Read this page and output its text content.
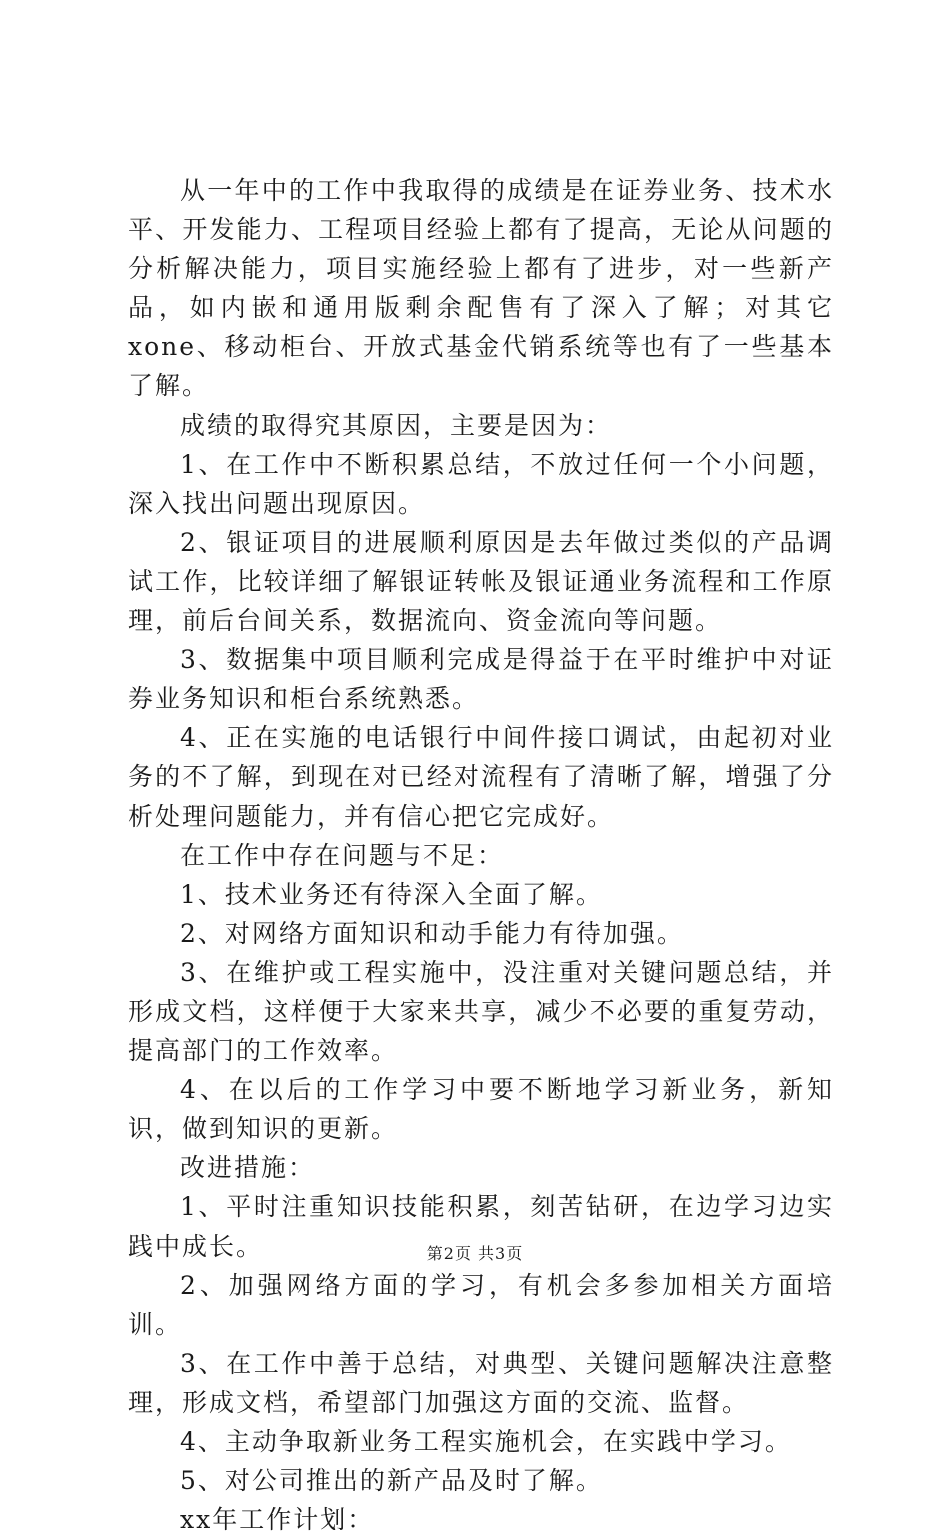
从一年中的工作中我取得的成绩是在证券业务、技术水平、开发能力、工程项目经验上都有了提高，无论从问题的分析解决能力，项目实施经验上都有了进步，对一些新产品，如内嵌和通用版剩余配售有了深入了解；对其它xone、移动柜台、开放式基金代销系统等也有了一些基本了解。

成绩的取得究其原因，主要是因为：

1、在工作中不断积累总结，不放过任何一个小问题，深入找出问题出现原因。

2、银证项目的进展顺利原因是去年做过类似的产品调试工作，比较详细了解银证转帐及银证通业务流程和工作原理，前后台间关系，数据流向、资金流向等问题。

3、数据集中项目顺利完成是得益于在平时维护中对证券业务知识和柜台系统熟悉。

4、正在实施的电话银行中间件接口调试，由起初对业务的不了解，到现在对已经对流程有了清晰了解，增强了分析处理问题能力，并有信心把它完成好。

在工作中存在问题与不足：

1、技术业务还有待深入全面了解。

2、对网络方面知识和动手能力有待加强。

3、在维护或工程实施中，没注重对关键问题总结，并形成文档，这样便于大家来共享，减少不必要的重复劳动，提高部门的工作效率。

4、在以后的工作学习中要不断地学习新业务，新知识，做到知识的更新。

改进措施：

1、平时注重知识技能积累，刻苦钻研，在边学习边实践中成长。

2、加强网络方面的学习，有机会多参加相关方面培训。

3、在工作中善于总结，对典型、关键问题解决注意整理，形成文档，希望部门加强这方面的交流、监督。

4、主动争取新业务工程实施机会，在实践中学习。

5、对公司推出的新产品及时了解。

xx年工作计划：

第2页 共3页
